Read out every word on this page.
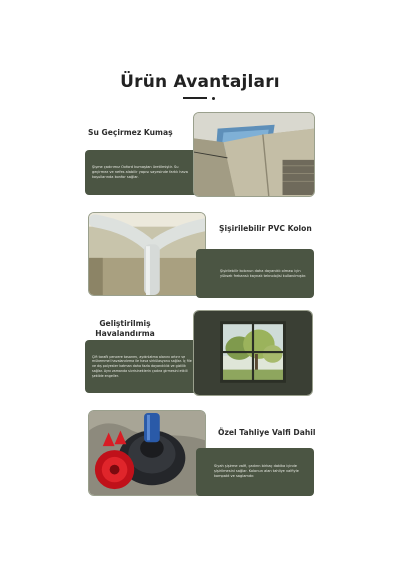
Ürün Avantajları
Su Geçirmez Kumaş
Şişme çadırımız Oxford kumaştan üretilmiştir. Su geçirmez ve nefes alabilir yapısı sayesinde farklı hava koşullarında konfor sağlar.
Şişirilebilir PVC Kolon
Şişirilebilir kolonun daha dayanıklı olması için yüksek frekanslı kaynak teknolojisi kullanılmıştır.
Geliştirilmiş Havalandırma
Çift taraflı pencere tasarımı, aydınlatma alanını artırır ve mükemmel havalandırma ile hava sirkülasyonu sağlar. İç file ve dış polyester katman daha fazla dayanıklılık ve gizlilik sağlar. Aynı zamanda sivrisineklerin çadıra girmesini etkili şekilde engeller.
Özel Tahliye Valfi Dahil
Siyah şişirme valfi, çadırın birkaç dakika içinde şişirilmesini sağlar. Kolonun alan tahliye valfiyle kompakt ve saglamdır.
